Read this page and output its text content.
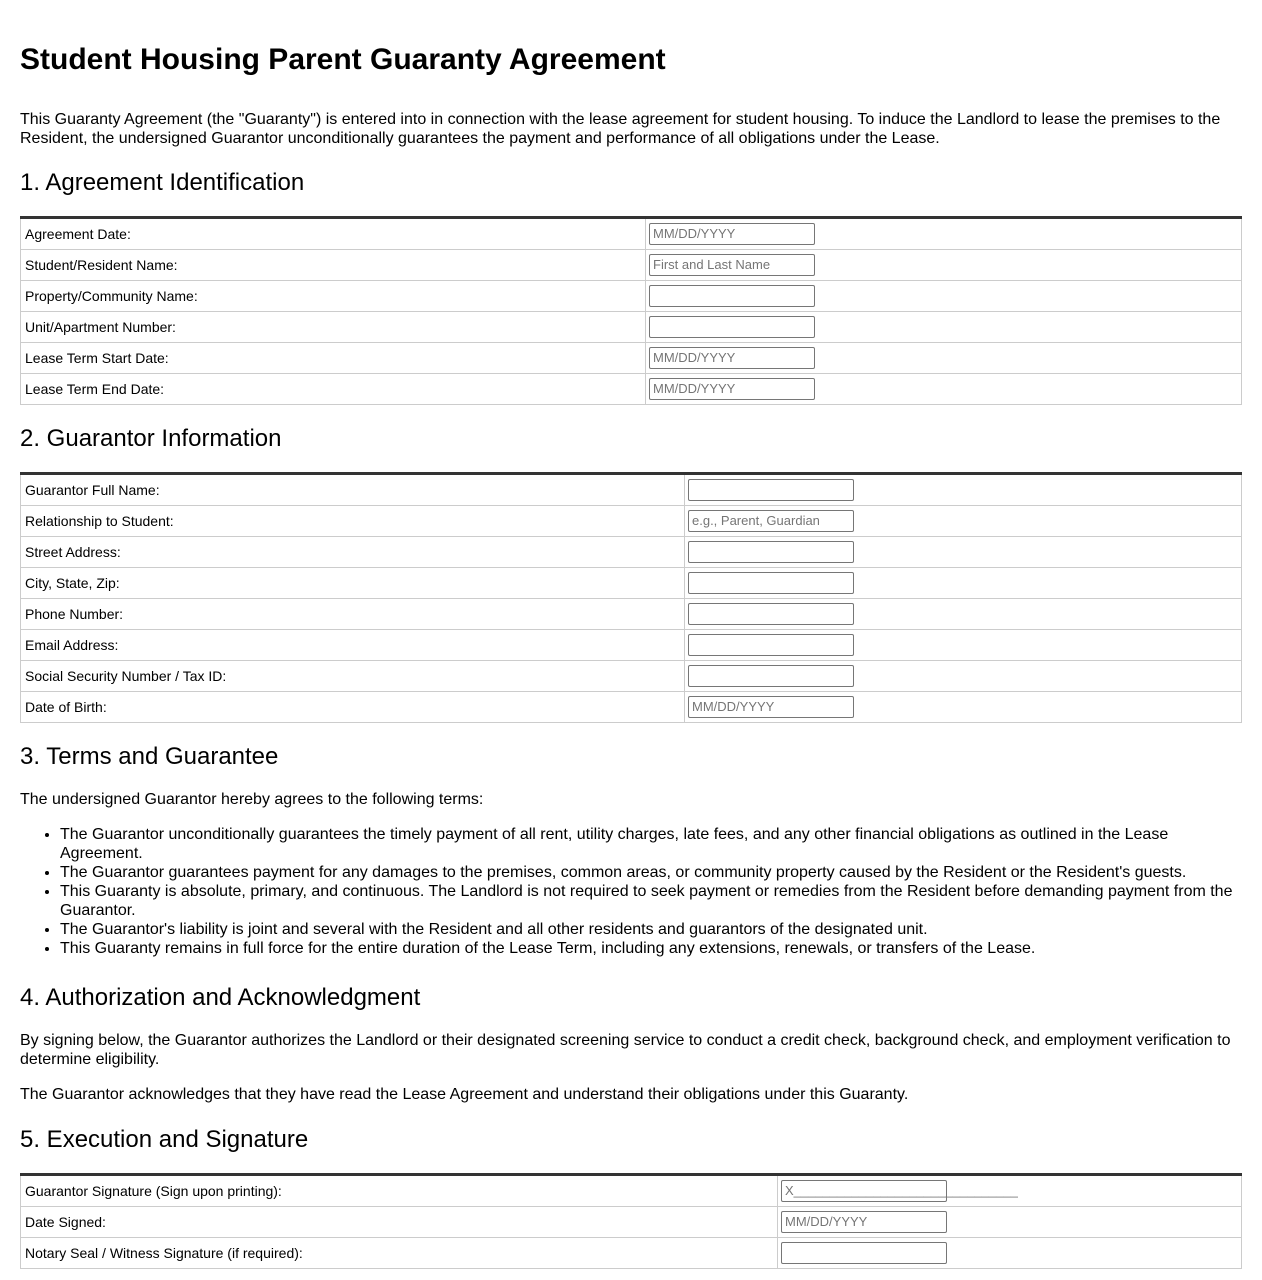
Student Housing Parent Guaranty Agreement

This Guaranty Agreement (the "Guaranty") is entered into in connection with the lease agreement for student housing. To induce the Landlord to lease the premises to the Resident, the undersigned Guarantor unconditionally guarantees the payment and performance of all obligations under the Lease.

1. Agreement Identification
Agreement Date:	MM/DD/YYYY

Student/Resident Name:	First and Last Name

Property/Community Name:	

Unit/Apartment Number:	

Lease Term Start Date:	MM/DD/YYYY

Lease Term End Date:	MM/DD/YYYY
2. Guarantor Information
Guarantor Full Name:	

Relationship to Student:	e.g., Parent, Guardian

Street Address:	

City, State, Zip:	

Phone Number:	

Email Address:	

Social Security Number / Tax ID:	

Date of Birth:	MM/DD/YYYY
3. Terms and Guarantee

The undersigned Guarantor hereby agrees to the following terms:

• The Guarantor unconditionally guarantees the timely payment of all rent, utility charges, late fees, and any other financial obligations as outlined in the Lease Agreement.
• The Guarantor guarantees payment for any damages to the premises, common areas, or community property caused by the Resident or the Resident's guests.
• This Guaranty is absolute, primary, and continuous. The Landlord is not required to seek payment or remedies from the Resident before demanding payment from the Guarantor.
• The Guarantor's liability is joint and several with the Resident and all other residents and guarantors of the designated unit.
• This Guaranty remains in full force for the entire duration of the Lease Term, including any extensions, renewals, or transfers of the Lease.
4. Authorization and Acknowledgment

By signing below, the Guarantor authorizes the Landlord or their designated screening service to conduct a credit check, background check, and employment verification to determine eligibility.

The Guarantor acknowledges that they have read the Lease Agreement and understand their obligations under this Guaranty.

5. Execution and Signature
Guarantor Signature (Sign upon printing):	X_______________________________

Date Signed:	MM/DD/YYYY

Notary Seal / Witness Signature (if required):	
